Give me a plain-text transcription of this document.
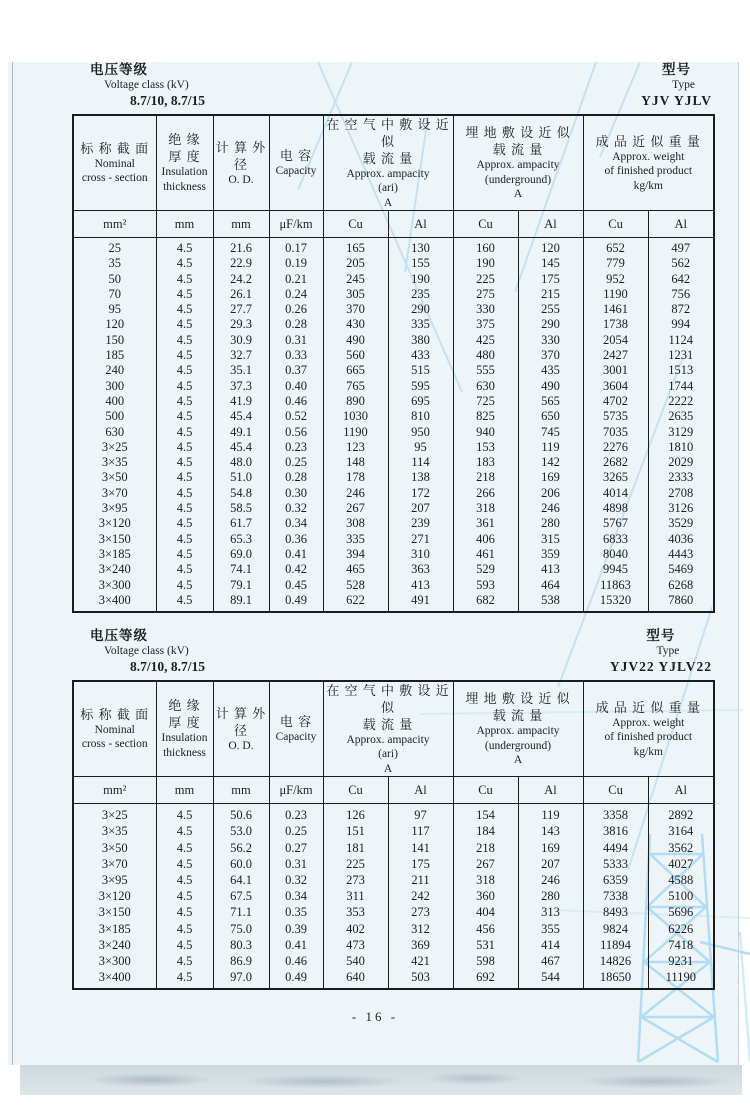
电压等级
Voltage class (kV)
8.7/10, 8.7/15
型号
Type
YJV YJLV
标 称 截 面
Nominal
cross - section	绝 缘
厚 度
Insulation
thickness	计 算 外 径
O. D.	电 容
Capacity	在 空 气 中 敷 设 近 似
载 流 量
Approx. ampacity
(ari)
A		埋 地 敷 设 近 似
载 流 量
Approx. ampacity
(underground)
A		成 品 近 似 重 量
Approx. weight
of finished product
kg/km	

mm²	mm	mm	μF/km	Cu	Al	Cu	Al	Cu	Al
25	4.5	21.6	0.17	165	130	160	120	652	497
35	4.5	22.9	0.19	205	155	190	145	779	562
50	4.5	24.2	0.21	245	190	225	175	952	642
70	4.5	26.1	0.24	305	235	275	215	1190	756
95	4.5	27.7	0.26	370	290	330	255	1461	872
120	4.5	29.3	0.28	430	335	375	290	1738	994
150	4.5	30.9	0.31	490	380	425	330	2054	1124
185	4.5	32.7	0.33	560	433	480	370	2427	1231
240	4.5	35.1	0.37	665	515	555	435	3001	1513
300	4.5	37.3	0.40	765	595	630	490	3604	1744
400	4.5	41.9	0.46	890	695	725	565	4702	2222
500	4.5	45.4	0.52	1030	810	825	650	5735	2635
630	4.5	49.1	0.56	1190	950	940	745	7035	3129
3×25	4.5	45.4	0.23	123	95	153	119	2276	1810
3×35	4.5	48.0	0.25	148	114	183	142	2682	2029
3×50	4.5	51.0	0.28	178	138	218	169	3265	2333
3×70	4.5	54.8	0.30	246	172	266	206	4014	2708
3×95	4.5	58.5	0.32	267	207	318	246	4898	3126
3×120	4.5	61.7	0.34	308	239	361	280	5767	3529
3×150	4.5	65.3	0.36	335	271	406	315	6833	4036
3×185	4.5	69.0	0.41	394	310	461	359	8040	4443
3×240	4.5	74.1	0.42	465	363	529	413	9945	5469
3×300	4.5	79.1	0.45	528	413	593	464	11863	6268
3×400	4.5	89.1	0.49	622	491	682	538	15320	7860
电压等级
Voltage class (kV)
8.7/10, 8.7/15
型号
Type
YJV22 YJLV22
标 称 截 面
Nominal
cross - section	绝 缘
厚 度
Insulation
thickness	计 算 外 径
O. D.	电 容
Capacity	在 空 气 中 敷 设 近 似
载 流 量
Approx. ampacity
(ari)
A		埋 地 敷 设 近 似
载 流 量
Approx. ampacity
(underground)
A		成 品 近 似 重 量
Approx. weight
of finished product
kg/km	

mm²	mm	mm	μF/km	Cu	Al	Cu	Al	Cu	Al
3×25	4.5	50.6	0.23	126	97	154	119	3358	2892
3×35	4.5	53.0	0.25	151	117	184	143	3816	3164
3×50	4.5	56.2	0.27	181	141	218	169	4494	3562
3×70	4.5	60.0	0.31	225	175	267	207	5333	4027
3×95	4.5	64.1	0.32	273	211	318	246	6359	4588
3×120	4.5	67.5	0.34	311	242	360	280	7338	5100
3×150	4.5	71.1	0.35	353	273	404	313	8493	5696
3×185	4.5	75.0	0.39	402	312	456	355	9824	6226
3×240	4.5	80.3	0.41	473	369	531	414	11894	7418
3×300	4.5	86.9	0.46	540	421	598	467	14826	9231
3×400	4.5	97.0	0.49	640	503	692	544	18650	11190
- 16 -
